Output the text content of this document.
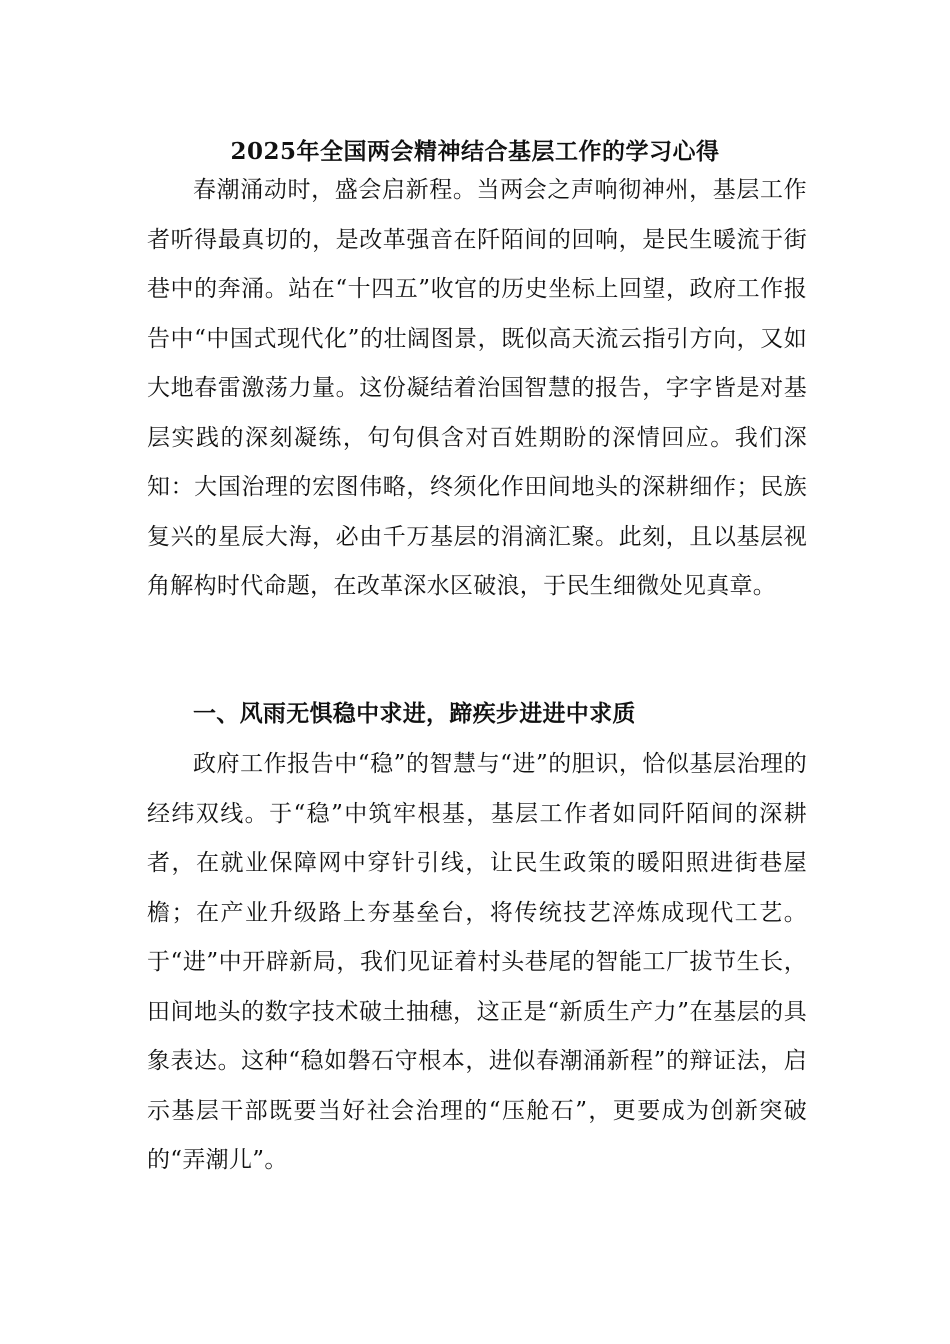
2025年全国两会精神结合基层工作的学习心得

春潮涌动时，盛会启新程。当两会之声响彻神州，基层工作者听得最真切的，是改革强音在阡陌间的回响，是民生暖流于街巷中的奔涌。站在“十四五”收官的历史坐标上回望，政府工作报告中“中国式现代化”的壮阔图景，既似高天流云指引方向，又如大地春雷激荡力量。这份凝结着治国智慧的报告，字字皆是对基层实践的深刻凝练，句句俱含对百姓期盼的深情回应。我们深知：大国治理的宏图伟略，终须化作田间地头的深耕细作；民族复兴的星辰大海，必由千万基层的涓滴汇聚。此刻，且以基层视角解构时代命题，在改革深水区破浪，于民生细微处见真章。

一、风雨无惧稳中求进，蹄疾步进进中求质

政府工作报告中“稳”的智慧与“进”的胆识，恰似基层治理的经纬双线。于“稳”中筑牢根基，基层工作者如同阡陌间的深耕者，在就业保障网中穿针引线，让民生政策的暖阳照进街巷屋檐；在产业升级路上夯基垒台，将传统技艺淬炼成现代工艺。于“进”中开辟新局，我们见证着村头巷尾的智能工厂拔节生长，田间地头的数字技术破土抽穗，这正是“新质生产力”在基层的具象表达。这种“稳如磐石守根本，进似春潮涌新程”的辩证法，启示基层干部既要当好社会治理的“压舱石”，更要成为创新突破的“弄潮儿”。
